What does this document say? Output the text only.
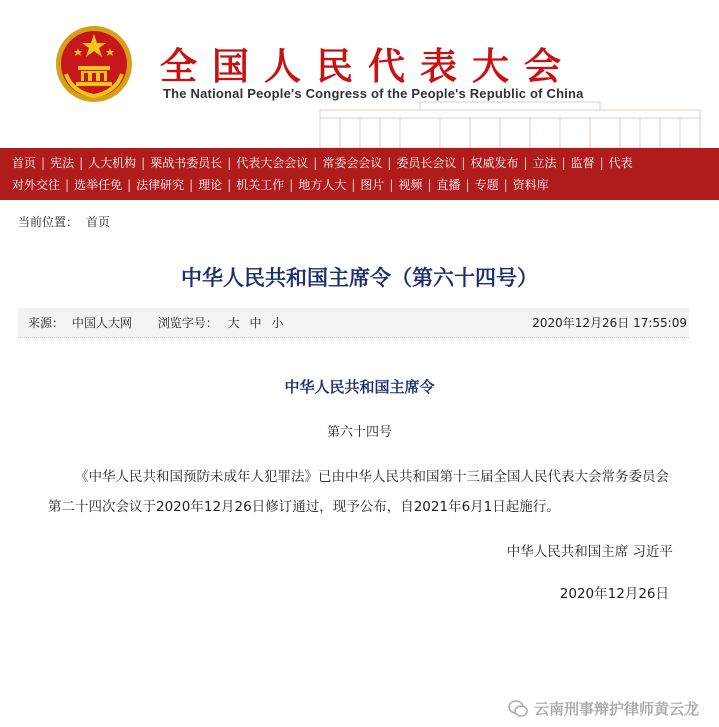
全国人民代表大会
The National People's Congress of the People's Republic of China
首页 | 宪法 | 人大机构 | 栗战书委员长 | 代表大会会议 | 常委会会议 | 委员长会议 | 权威发布 | 立法 | 监督 | 代表
对外交往 | 选举任免 | 法律研究 | 理论 | 机关工作 | 地方人大 | 图片 | 视频 | 直播 | 专题 | 资料库
当前位置： 首页
中华人民共和国主席令（第六十四号）
来源： 中国人大网 浏览字号： 大 中 小	2020年12月26日 17:55:09
中华人民共和国主席令
第六十四号
《中华人民共和国预防未成年人犯罪法》已由中华人民共和国第十三届全国人民代表大会常务委员会第二十四次会议于2020年12月26日修订通过，现予公布，自2021年6月1日起施行。
中华人民共和国主席 习近平
2020年12月26日
云南刑事辩护律师黄云龙
